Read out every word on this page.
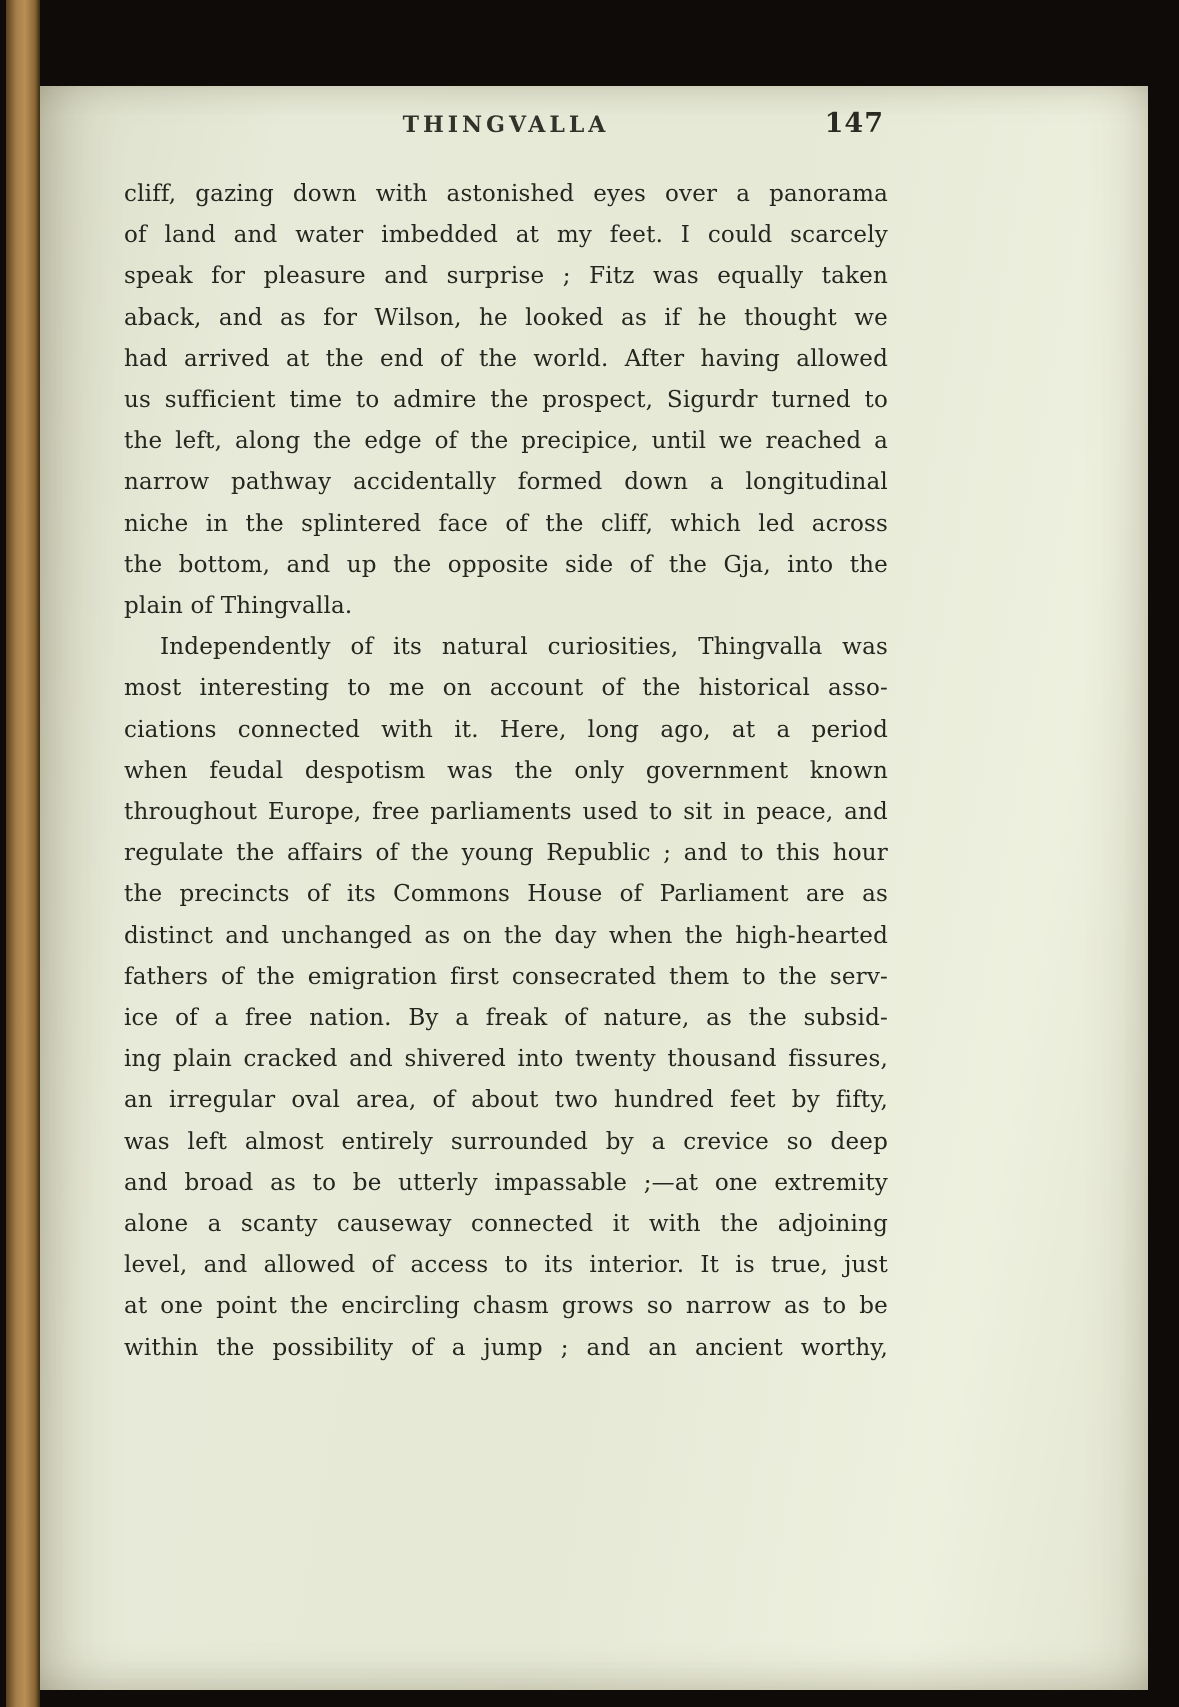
THINGVALLA	147
cliff, gazing down with astonished eyes over a panorama
of land and water imbedded at my feet. I could scarcely
speak for pleasure and surprise ; Fitz was equally taken
aback, and as for Wilson, he looked as if he thought we
had arrived at the end of the world. After having allowed
us sufficient time to admire the prospect, Sigurdr turned to
the left, along the edge of the precipice, until we reached a
narrow pathway accidentally formed down a longitudinal
niche in the splintered face of the cliff, which led across
the bottom, and up the opposite side of the Gja, into the
plain of Thingvalla.
Independently of its natural curiosities, Thingvalla was
most interesting to me on account of the historical asso-
ciations connected with it. Here, long ago, at a period
when feudal despotism was the only government known
throughout Europe, free parliaments used to sit in peace, and
regulate the affairs of the young Republic ; and to this hour
the precincts of its Commons House of Parliament are as
distinct and unchanged as on the day when the high-hearted
fathers of the emigration first consecrated them to the serv-
ice of a free nation. By a freak of nature, as the subsid-
ing plain cracked and shivered into twenty thousand fissures,
an irregular oval area, of about two hundred feet by fifty,
was left almost entirely surrounded by a crevice so deep
and broad as to be utterly impassable ;—at one extremity
alone a scanty causeway connected it with the adjoining
level, and allowed of access to its interior. It is true, just
at one point the encircling chasm grows so narrow as to be
within the possibility of a jump ; and an ancient worthy,
